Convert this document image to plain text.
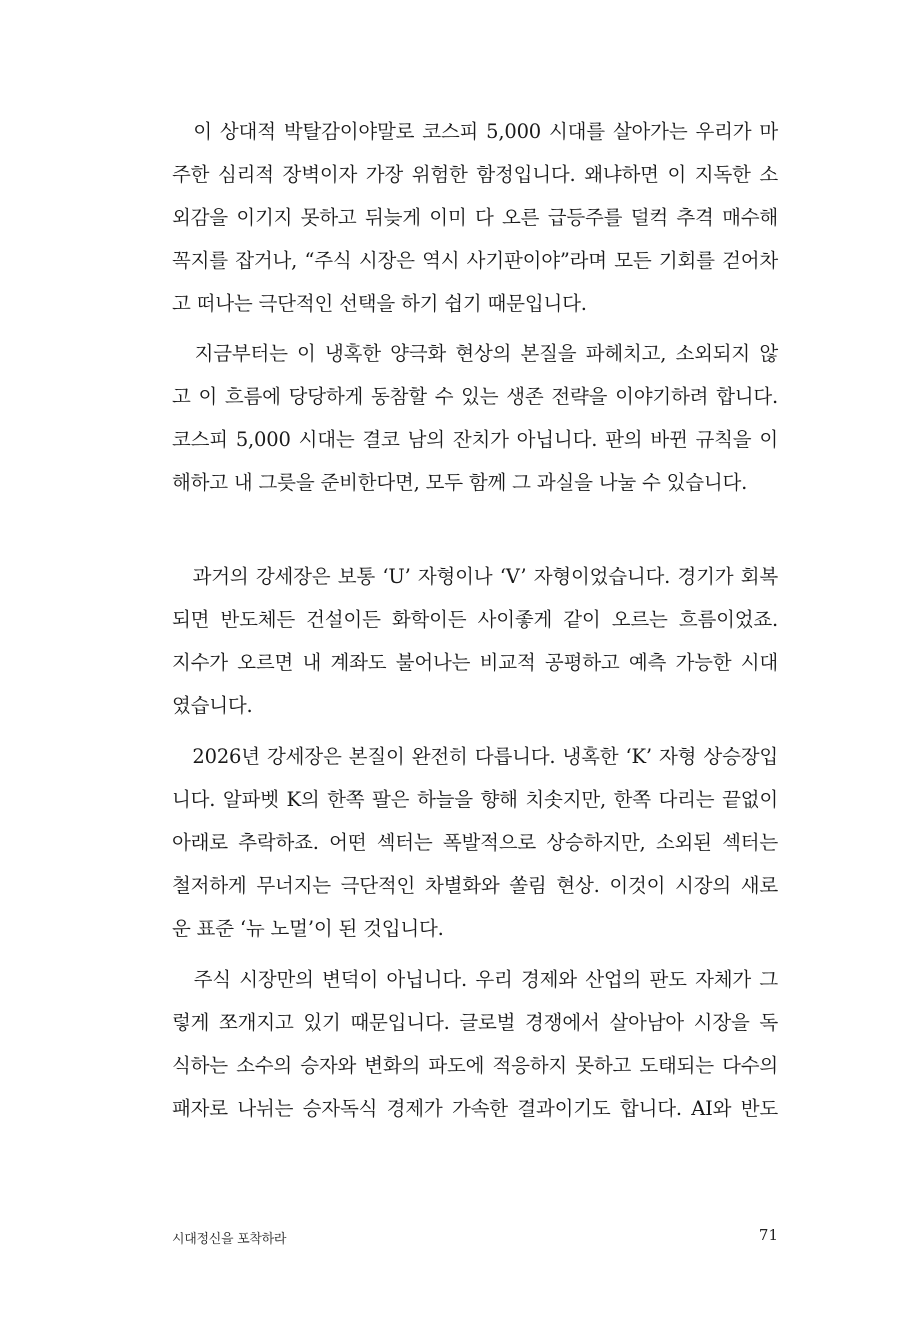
　이 상대적 박탈감이야말로 코스피 5,000 시대를 살아가는 우리가 마
주한 심리적 장벽이자 가장 위험한 함정입니다. 왜냐하면 이 지독한 소
외감을 이기지 못하고 뒤늦게 이미 다 오른 급등주를 덜컥 추격 매수해
꼭지를 잡거나, “주식 시장은 역시 사기판이야”라며 모든 기회를 걷어차
고 떠나는 극단적인 선택을 하기 쉽기 때문입니다.
　지금부터는 이 냉혹한 양극화 현상의 본질을 파헤치고, 소외되지 않
고 이 흐름에 당당하게 동참할 수 있는 생존 전략을 이야기하려 합니다.
코스피 5,000 시대는 결코 남의 잔치가 아닙니다. 판의 바뀐 규칙을 이
해하고 내 그릇을 준비한다면, 모두 함께 그 과실을 나눌 수 있습니다.
　과거의 강세장은 보통 ‘U’ 자형이나 ‘V’ 자형이었습니다. 경기가 회복
되면 반도체든 건설이든 화학이든 사이좋게 같이 오르는 흐름이었죠.
지수가 오르면 내 계좌도 불어나는 비교적 공평하고 예측 가능한 시대
였습니다.
　2026년 강세장은 본질이 완전히 다릅니다. 냉혹한 ‘K’ 자형 상승장입
니다. 알파벳 K의 한쪽 팔은 하늘을 향해 치솟지만, 한쪽 다리는 끝없이
아래로 추락하죠. 어떤 섹터는 폭발적으로 상승하지만, 소외된 섹터는
철저하게 무너지는 극단적인 차별화와 쏠림 현상. 이것이 시장의 새로
운 표준 ‘뉴 노멀’이 된 것입니다.
　주식 시장만의 변덕이 아닙니다. 우리 경제와 산업의 판도 자체가 그
렇게 쪼개지고 있기 때문입니다. 글로벌 경쟁에서 살아남아 시장을 독
식하는 소수의 승자와 변화의 파도에 적응하지 못하고 도태되는 다수의
패자로 나뉘는 승자독식 경제가 가속한 결과이기도 합니다. AI와 반도
시대정신을 포착하라	71
